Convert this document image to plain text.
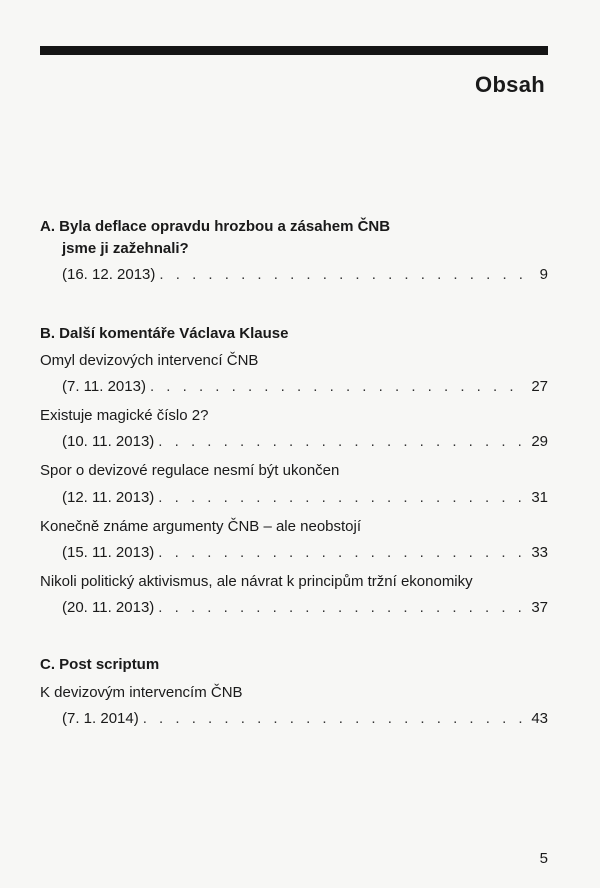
Obsah
A. Byla deflace opravdu hrozbou a zásahem ČNB
jsme ji zažehnali?
(16. 12. 2013) . . .	9
B. Další komentáře Václava Klause
Omyl devizových intervencí ČNB
(7. 11. 2013) . . .	27
Existuje magické číslo 2?
(10. 11. 2013) . . .	29
Spor o devizové regulace nesmí být ukončen
(12. 11. 2013) . . .	31
Konečně známe argumenty ČNB – ale neobstojí
(15. 11. 2013) . . .	33
Nikoli politický aktivismus, ale návrat k principům tržní ekonomiky
(20. 11. 2013) . . .	37
C. Post scriptum
K devizovým intervencím ČNB
(7. 1. 2014) . . .	43
5
